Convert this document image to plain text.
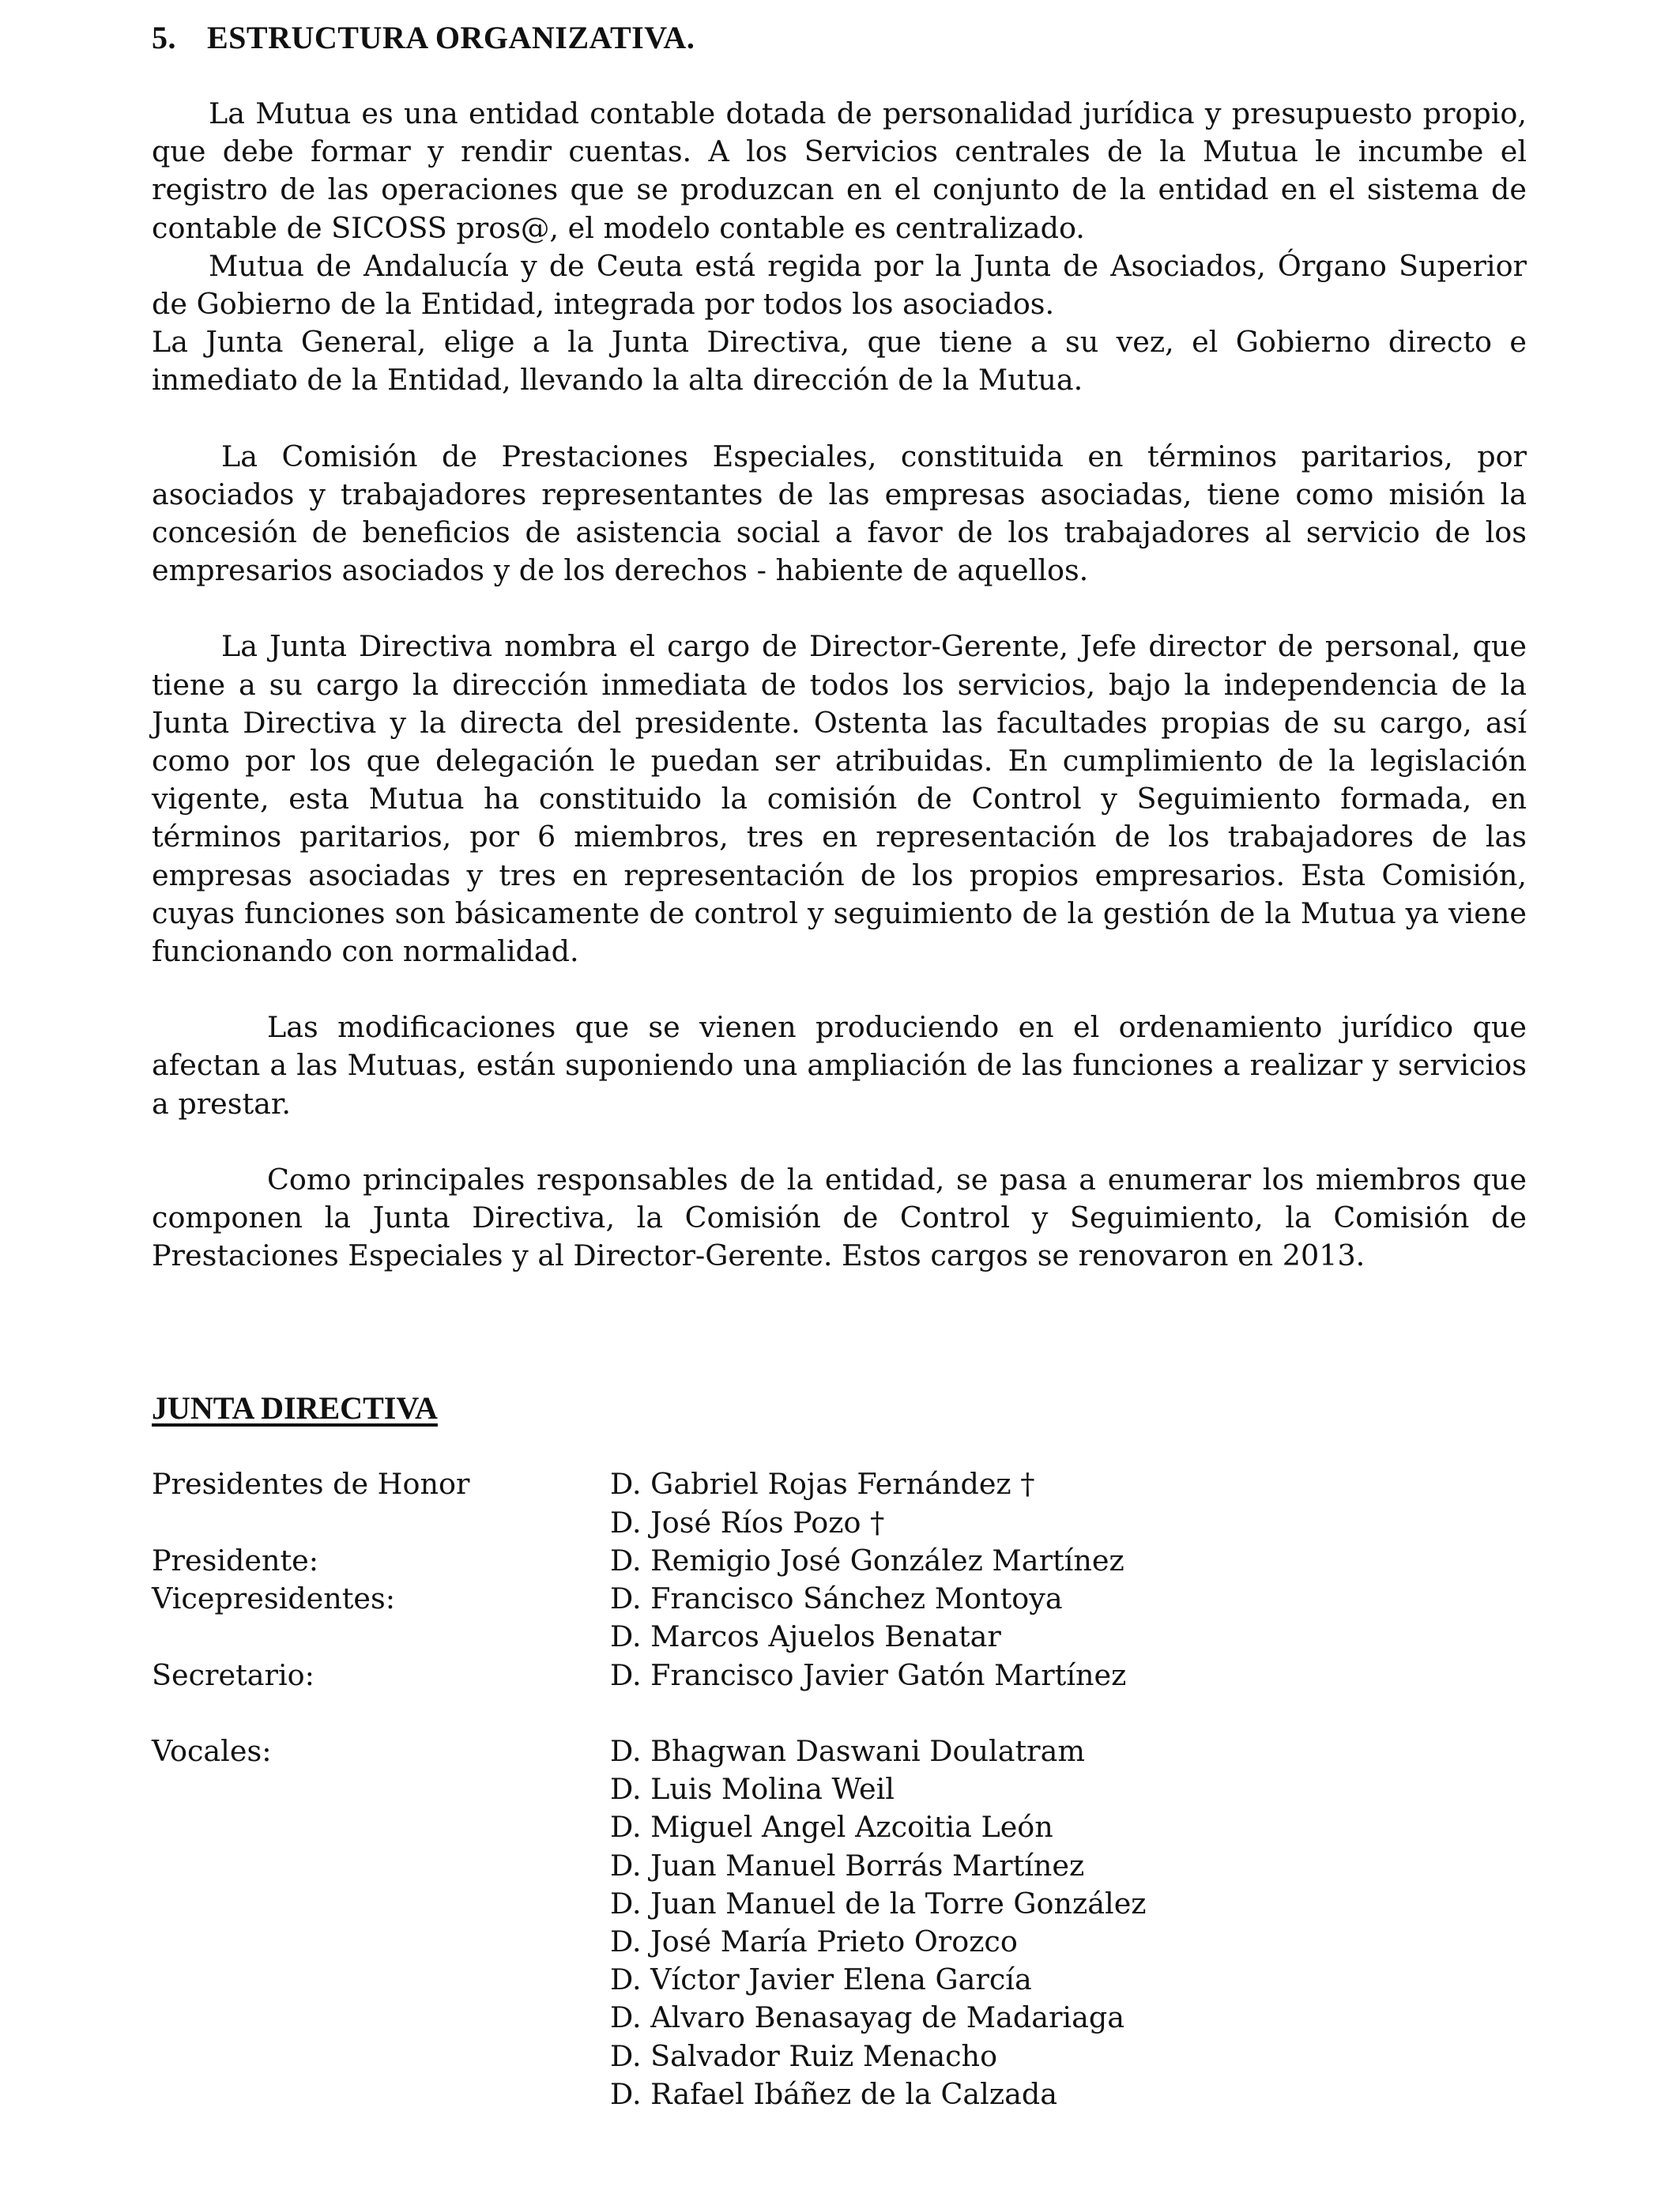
5. ESTRUCTURA ORGANIZATIVA.

La Mutua es una entidad contable dotada de personalidad jurídica y presupuesto propio, que debe formar y rendir cuentas. A los Servicios centrales de la Mutua le incumbe el registro de las operaciones que se produzcan en el conjunto de la entidad en el sistema de contable de SICOSS pros@, el modelo contable es centralizado.

Mutua de Andalucía y de Ceuta está regida por la Junta de Asociados, Órgano Superior de Gobierno de la Entidad, integrada por todos los asociados.

La Junta General, elige a la Junta Directiva, que tiene a su vez, el Gobierno directo e inmediato de la Entidad, llevando la alta dirección de la Mutua.

La Comisión de Prestaciones Especiales, constituida en términos paritarios, por asociados y trabajadores representantes de las empresas asociadas, tiene como misión la concesión de beneficios de asistencia social a favor de los trabajadores al servicio de los empresarios asociados y de los derechos - habiente de aquellos.

La Junta Directiva nombra el cargo de Director-Gerente, Jefe director de personal, que tiene a su cargo la dirección inmediata de todos los servicios, bajo la independencia de la Junta Directiva y la directa del presidente. Ostenta las facultades propias de su cargo, así como por los que delegación le puedan ser atribuidas. En cumplimiento de la legislación vigente, esta Mutua ha constituido la comisión de Control y Seguimiento formada, en términos paritarios, por 6 miembros, tres en representación de los trabajadores de las empresas asociadas y tres en representación de los propios empresarios. Esta Comisión, cuyas funciones son básicamente de control y seguimiento de la gestión de la Mutua ya viene funcionando con normalidad.

Las modificaciones que se vienen produciendo en el ordenamiento jurídico que afectan a las Mutuas, están suponiendo una ampliación de las funciones a realizar y servicios a prestar.

Como principales responsables de la entidad, se pasa a enumerar los miembros que componen la Junta Directiva, la Comisión de Control y Seguimiento, la Comisión de Prestaciones Especiales y al Director-Gerente. Estos cargos se renovaron en 2013.

JUNTA DIRECTIVA
Presidentes de Honor	D. Gabriel Rojas Fernández †
	D. José Ríos Pozo †
Presidente:	D. Remigio José González Martínez
Vicepresidentes:	D. Francisco Sánchez Montoya
	D. Marcos Ajuelos Benatar
Secretario:	D. Francisco Javier Gatón Martínez

Vocales:	D. Bhagwan Daswani Doulatram
	D. Luis Molina Weil
	D. Miguel Angel Azcoitia León
	D. Juan Manuel Borrás Martínez
	D. Juan Manuel de la Torre González
	D. José María Prieto Orozco
	D. Víctor Javier Elena García
	D. Alvaro Benasayag de Madariaga
	D. Salvador Ruiz Menacho
	D. Rafael Ibáñez de la Calzada
